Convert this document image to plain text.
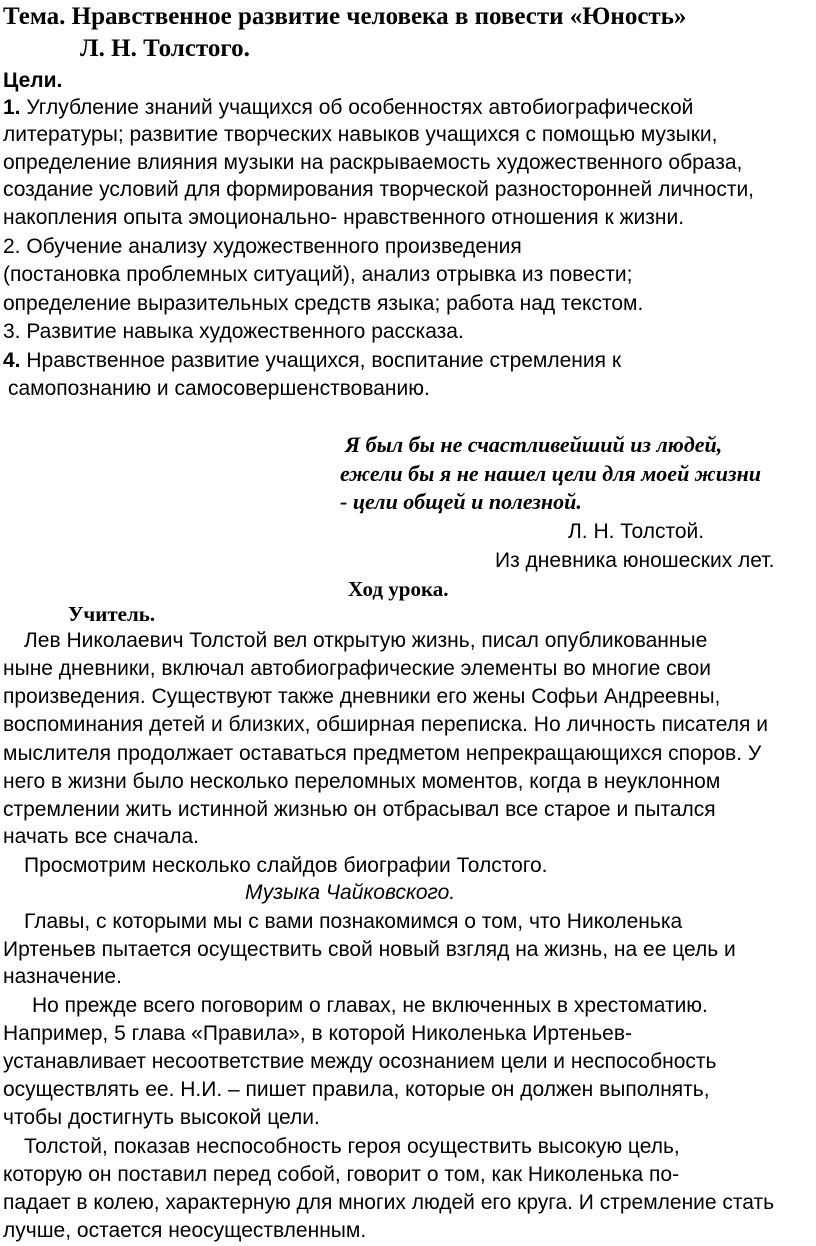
Тема. Нравственное развитие человека в повести «Юность»
Л. Н. Толстого.
Цели.
1. Углубление знаний учащихся об особенностях автобиографической
литературы; развитие творческих навыков учащихся с помощью музыки,
определение влияния музыки на раскрываемость художественного образа,
создание условий для формирования творческой разносторонней личности,
накопления опыта эмоционально- нравственного отношения к жизни.
2. Обучение анализу художественного произведения
(постановка проблемных ситуаций), анализ отрывка из повести;
определение выразительных средств языка; работа над текстом.
3. Развитие навыка художественного рассказа.
4. Нравственное развитие учащихся, воспитание стремления к
самопознанию и самосовершенствованию.
Я был бы не счастливейший из людей,
ежели бы я не нашел цели для моей жизни
- цели общей и полезной.
Л. Н. Толстой.
Из дневника юношеских лет.
Ход урока.
Учитель.
Лев Николаевич Толстой вел открытую жизнь, писал опубликованные
ныне дневники, включал автобиографические элементы во многие свои
произведения. Существуют также дневники его жены Софьи Андреевны,
воспоминания детей и близких, обширная переписка. Но личность писателя и
мыслителя продолжает оставаться предметом непрекращающихся споров. У
него в жизни было несколько переломных моментов, когда в неуклонном
стремлении жить истинной жизнью он отбрасывал все старое и пытался
начать все сначала.
Просмотрим несколько слайдов биографии Толстого.
Музыка Чайковского.
Главы, с которыми мы с вами познакомимся о том, что Николенька
Иртеньев пытается осуществить свой новый взгляд на жизнь, на ее цель и
назначение.
Но прежде всего поговорим о главах, не включенных в хрестоматию.
Например, 5 глава «Правила», в которой Николенька Иртеньев-
устанавливает несоответствие между осознанием цели и неспособность
осуществлять ее. Н.И. – пишет правила, которые он должен выполнять,
чтобы достигнуть высокой цели.
Толстой, показав неспособность героя осуществить высокую цель,
которую он поставил перед собой, говорит о том, как Николенька по-
падает в колею, характерную для многих людей его круга. И стремление стать
лучше, остается неосуществленным.
